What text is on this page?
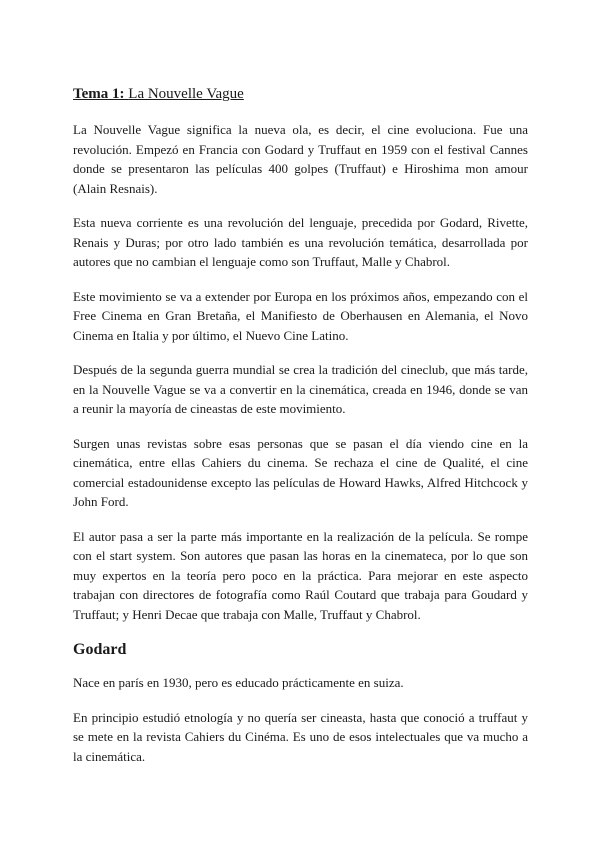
Tema 1: La Nouvelle Vague

La Nouvelle Vague significa la nueva ola, es decir, el cine evoluciona. Fue una revolución. Empezó en Francia con Godard y Truffaut en 1959 con el festival Cannes donde se presentaron las películas 400 golpes (Truffaut) e Hiroshima mon amour (Alain Resnais).

Esta nueva corriente es una revolución del lenguaje, precedida por Godard, Rivette, Renais y Duras; por otro lado también es una revolución temática, desarrollada por autores que no cambian el lenguaje como son Truffaut, Malle y Chabrol.

Este movimiento se va a extender por Europa en los próximos años, empezando con el Free Cinema en Gran Bretaña, el Manifiesto de Oberhausen en Alemania, el Novo Cinema en Italia y por último, el Nuevo Cine Latino.

Después de la segunda guerra mundial se crea la tradición del cineclub, que más tarde, en la Nouvelle Vague se va a convertir en la cinemática, creada en 1946, donde se van a reunir la mayoría de cineastas de este movimiento.

Surgen unas revistas sobre esas personas que se pasan el día viendo cine en la cinemática, entre ellas Cahiers du cinema. Se rechaza el cine de Qualité, el cine comercial estadounidense excepto las películas de Howard Hawks, Alfred Hitchcock y John Ford.

El autor pasa a ser la parte más importante en la realización de la película. Se rompe con el start system. Son autores que pasan las horas en la cinemateca, por lo que son muy expertos en la teoría pero poco en la práctica. Para mejorar en este aspecto trabajan con directores de fotografía como Raúl Coutard que trabaja para Goudard y Truffaut; y Henri Decae que trabaja con Malle, Truffaut y Chabrol.

Godard

Nace en parís en 1930, pero es educado prácticamente en suiza.

En principio estudió etnología y no quería ser cineasta, hasta que conoció a truffaut y se mete en la revista Cahiers du Cinéma. Es uno de esos intelectuales que va mucho a la cinemática.
